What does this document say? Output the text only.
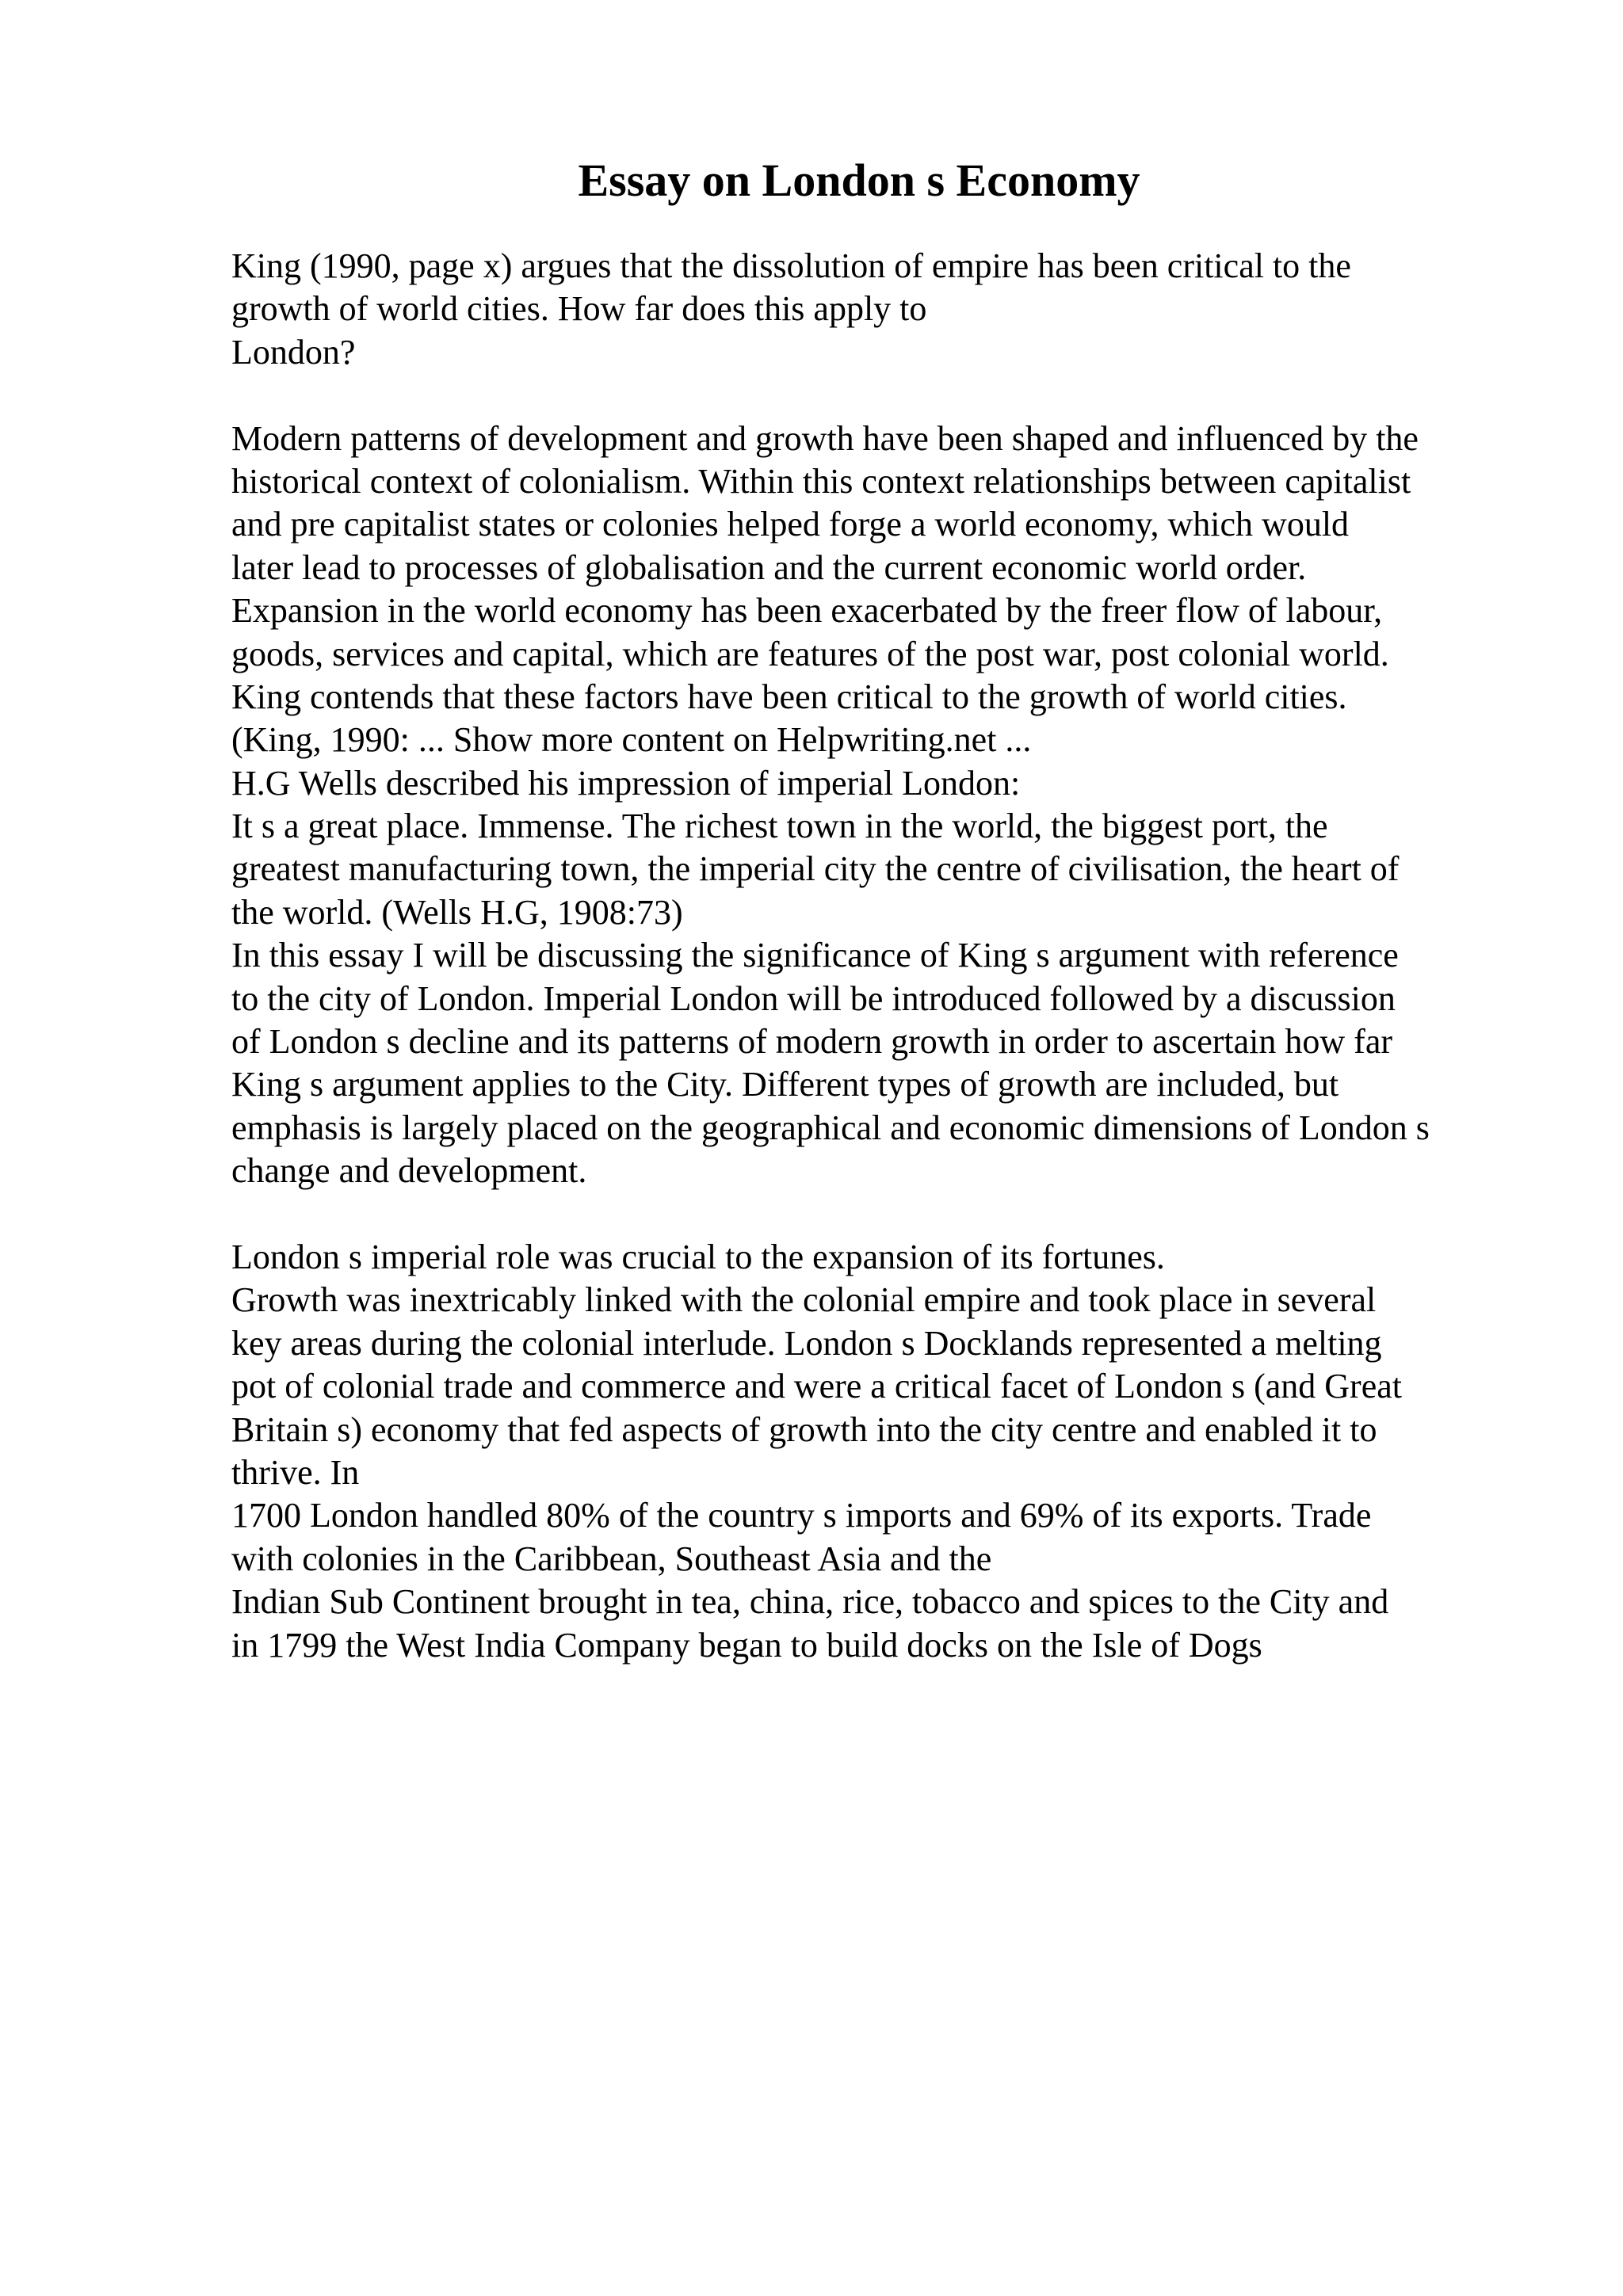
Essay on London s Economy
King (1990, page x) argues that the dissolution of empire has been critical to the
growth of world cities. How far does this apply to
London?
Modern patterns of development and growth have been shaped and influenced by the
historical context of colonialism. Within this context relationships between capitalist
and pre capitalist states or colonies helped forge a world economy, which would
later lead to processes of globalisation and the current economic world order.
Expansion in the world economy has been exacerbated by the freer flow of labour,
goods, services and capital, which are features of the post war, post colonial world.
King contends that these factors have been critical to the growth of world cities.
(King, 1990: ... Show more content on Helpwriting.net ...
H.G Wells described his impression of imperial London:
It s a great place. Immense. The richest town in the world, the biggest port, the
greatest manufacturing town, the imperial city the centre of civilisation, the heart of
the world. (Wells H.G, 1908:73)
In this essay I will be discussing the significance of King s argument with reference
to the city of London. Imperial London will be introduced followed by a discussion
of London s decline and its patterns of modern growth in order to ascertain how far
King s argument applies to the City. Different types of growth are included, but
emphasis is largely placed on the geographical and economic dimensions of London s
change and development.
London s imperial role was crucial to the expansion of its fortunes.
Growth was inextricably linked with the colonial empire and took place in several
key areas during the colonial interlude. London s Docklands represented a melting
pot of colonial trade and commerce and were a critical facet of London s (and Great
Britain s) economy that fed aspects of growth into the city centre and enabled it to
thrive. In
1700 London handled 80% of the country s imports and 69% of its exports. Trade
with colonies in the Caribbean, Southeast Asia and the
Indian Sub Continent brought in tea, china, rice, tobacco and spices to the City and
in 1799 the West India Company began to build docks on the Isle of Dogs
